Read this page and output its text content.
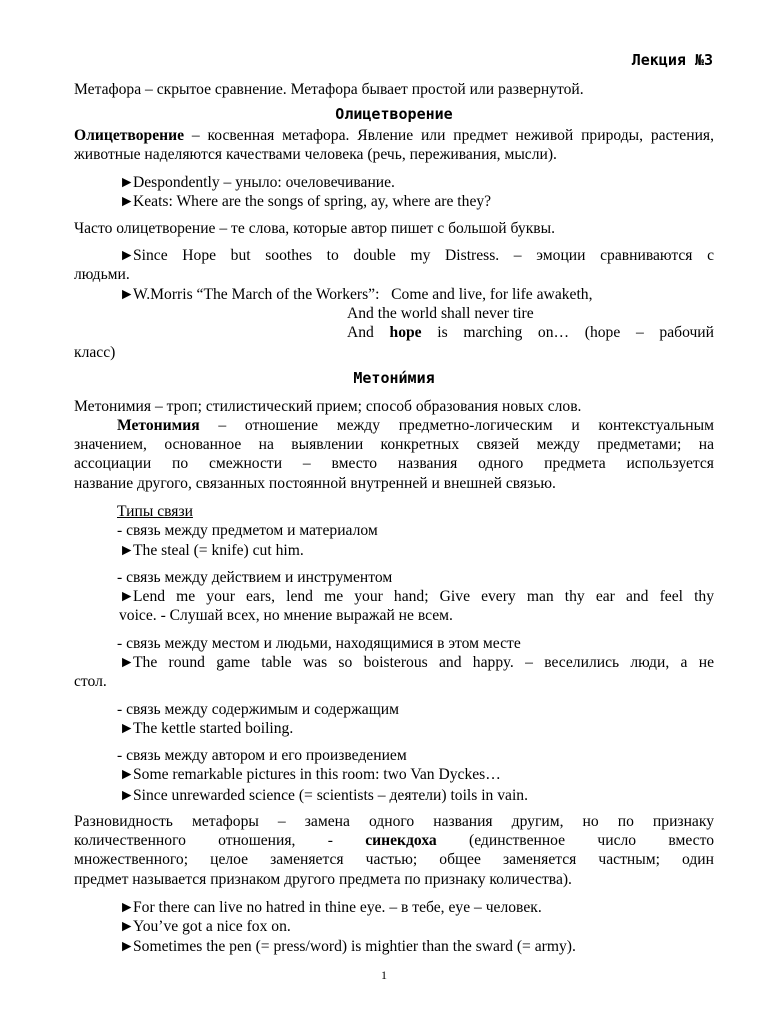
Лекция №3
Метафора – скрытое сравнение. Метафора бывает простой или развернутой.
Олицетворение
Олицетворение – косвенная метафора. Явление или предмет неживой природы, растения, животные наделяются качествами человека (речь, переживания, мысли).
►Despondently – уныло: очеловечивание.
►Keats: Where are the songs of spring, ay, where are they?
Часто олицетворение – те слова, которые автор пишет с большой буквы.
►Since Hope but soothes to double my Distress. – эмоции сравниваются с
людьми.
►W.Morris “The March of the Workers”:   Come and live, for life awaketh,
And the world shall never tire
And hope is marching on… (hope – рабочий
класс)
Метони́мия
Метонимия – троп; стилистический прием; способ образования новых слов.
Метонимия – отношение между предметно-логическим и контекстуальным
значением, основанное на выявлении конкретных связей между предметами; на
ассоциации по смежности – вместо названия одного предмета используется
название другого, связанных постоянной внутренней и внешней связью.
Типы связи
- связь между предметом и материалом
►The steal (= knife) cut him.
- связь между действием и инструментом
►Lend me your ears, lend me your hand; Give every man thy ear and feel thy
voice. - Слушай всех, но мнение выражай не всем.
- связь между местом и людьми, находящимися в этом месте
►The round game table was so boisterous and happy. – веселились люди, а не
стол.
- связь между содержимым и содержащим
►The kettle started boiling.
- связь между автором и его произведением
►Some remarkable pictures in this room: two Van Dyckes…
►Since unrewarded science (= scientists – деятели) toils in vain.
Разновидность метафоры – замена одного названия другим, но по признаку
количественного отношения, - синекдоха (единственное число вместо
множественного; целое заменяется частью; общее заменяется частным; один
предмет называется признаком другого предмета по признаку количества).
►For there can live no hatred in thine eye. – в тебе, eye – человек.
►You’ve got a nice fox on.
►Sometimes the pen (= press/word) is mightier than the sward (= army).
1
